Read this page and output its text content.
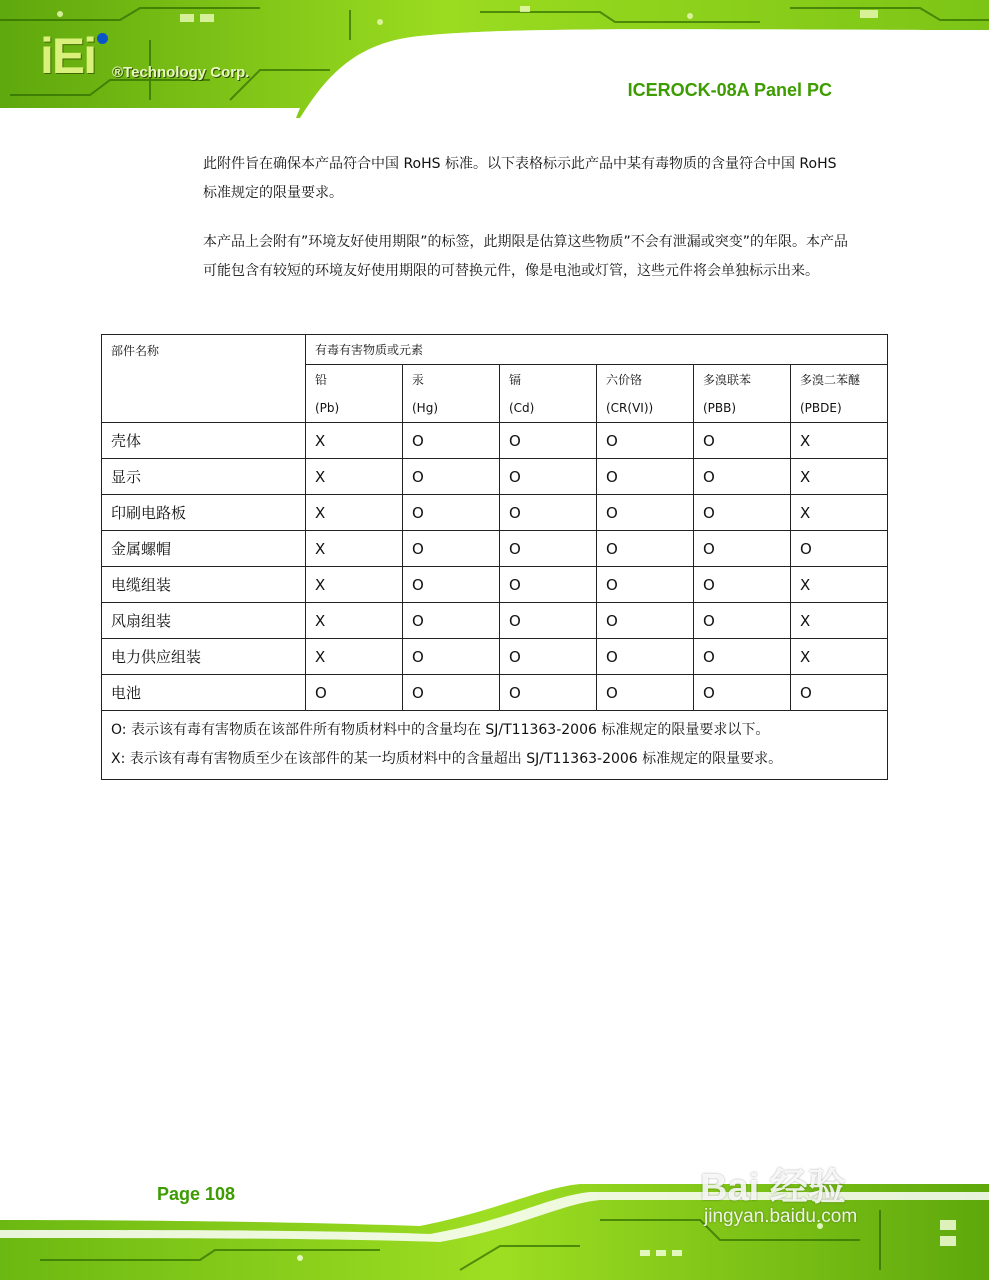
iEi ®Technology Corp.
ICEROCK-08A Panel PC
此附件旨在确保本产品符合中国 RoHS 标准。以下表格标示此产品中某有毒物质的含量符合中国 RoHS 标准规定的限量要求。
本产品上会附有”环境友好使用期限”的标签，此期限是估算这些物质”不会有泄漏或突变”的年限。本产品可能包含有较短的环境友好使用期限的可替换元件，像是电池或灯管，这些元件将会单独标示出来。
部件名称	有毒有害物质或元素					
	铅	汞	镉	六价铬	多溴联苯	多溴二苯醚
	(Pb)	(Hg)	(Cd)	(CR(VI))	(PBB)	(PBDE)
壳体	X	O	O	O	O	X
显示	X	O	O	O	O	X
印刷电路板	X	O	O	O	O	X
金属螺帽	X	O	O	O	O	O
电缆组装	X	O	O	O	O	X
风扇组装	X	O	O	O	O	X
电力供应组装	X	O	O	O	O	X
电池	O	O	O	O	O	O

O: 表示该有毒有害物质在该部件所有物质材料中的含量均在 SJ/T11363-2006 标准规定的限量要求以下。
X: 表示该有毒有害物质至少在该部件的某一均质材料中的含量超出 SJ/T11363-2006 标准规定的限量要求。						
Page 108	Bai 经验
jingyan.baidu.com
